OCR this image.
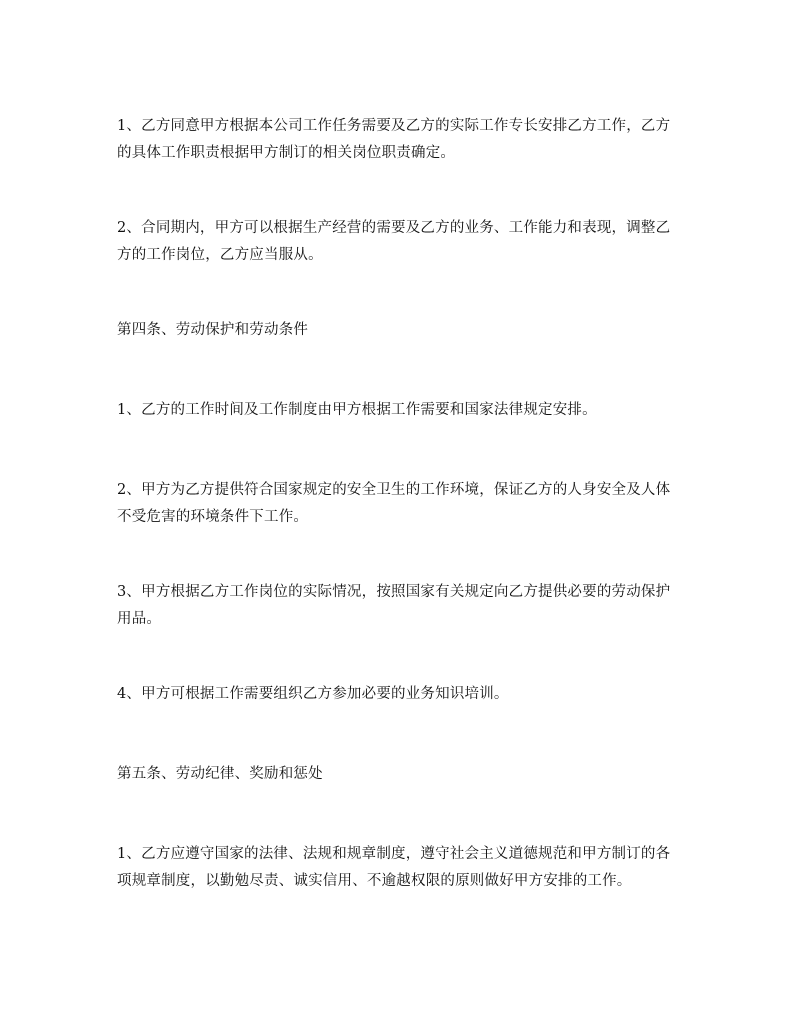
1、乙方同意甲方根据本公司工作任务需要及乙方的实际工作专长安排乙方工作，乙方的具体工作职责根据甲方制订的相关岗位职责确定。

2、合同期内，甲方可以根据生产经营的需要及乙方的业务、工作能力和表现，调整乙方的工作岗位，乙方应当服从。

第四条、劳动保护和劳动条件

1、乙方的工作时间及工作制度由甲方根据工作需要和国家法律规定安排。

2、甲方为乙方提供符合国家规定的安全卫生的工作环境，保证乙方的人身安全及人体不受危害的环境条件下工作。

3、甲方根据乙方工作岗位的实际情况，按照国家有关规定向乙方提供必要的劳动保护用品。

4、甲方可根据工作需要组织乙方参加必要的业务知识培训。

第五条、劳动纪律、奖励和惩处

1、乙方应遵守国家的法律、法规和规章制度，遵守社会主义道德规范和甲方制订的各项规章制度，以勤勉尽责、诚实信用、不逾越权限的原则做好甲方安排的工作。
